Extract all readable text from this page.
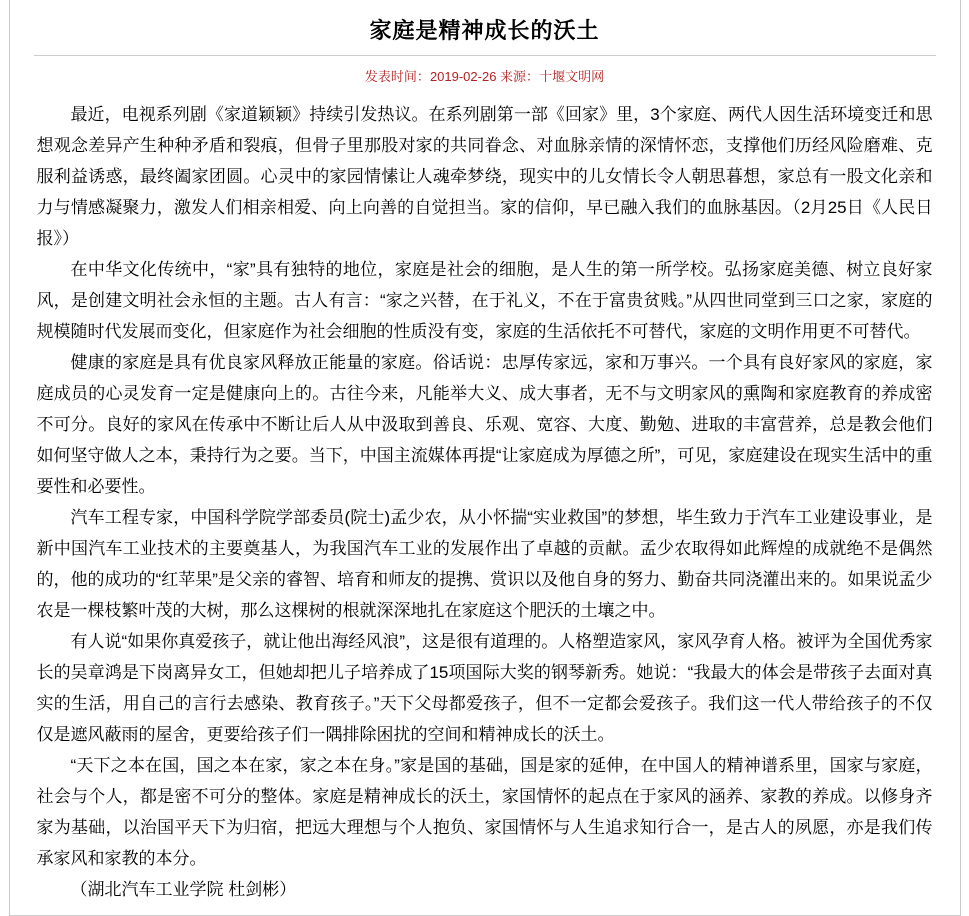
家庭是精神成长的沃土
发表时间：2019-02-26 来源：十堰文明网

最近，电视系列剧《家道颖颖》持续引发热议。在系列剧第一部《回家》里，3个家庭、两代人因生活环境变迁和思想观念差异产生种种矛盾和裂痕，但骨子里那股对家的共同眷念、对血脉亲情的深情怀恋，支撑他们历经风险磨难、克服利益诱惑，最终阖家团圆。心灵中的家园情愫让人魂牵梦绕，现实中的儿女情长令人朝思暮想，家总有一股文化亲和力与情感凝聚力，激发人们相亲相爱、向上向善的自觉担当。家的信仰，早已融入我们的血脉基因。（2月25日《人民日报》）

在中华文化传统中，“家”具有独特的地位，家庭是社会的细胞，是人生的第一所学校。弘扬家庭美德、树立良好家风，是创建文明社会永恒的主题。古人有言：“家之兴替，在于礼义，不在于富贵贫贱。”从四世同堂到三口之家，家庭的规模随时代发展而变化，但家庭作为社会细胞的性质没有变，家庭的生活依托不可替代，家庭的文明作用更不可替代。

健康的家庭是具有优良家风释放正能量的家庭。俗话说：忠厚传家远，家和万事兴。一个具有良好家风的家庭，家庭成员的心灵发育一定是健康向上的。古往今来，凡能举大义、成大事者，无不与文明家风的熏陶和家庭教育的养成密不可分。良好的家风在传承中不断让后人从中汲取到善良、乐观、宽容、大度、勤勉、进取的丰富营养，总是教会他们如何坚守做人之本，秉持行为之要。当下，中国主流媒体再提“让家庭成为厚德之所”，可见，家庭建设在现实生活中的重要性和必要性。

汽车工程专家，中国科学院学部委员(院士)孟少农，从小怀揣“实业救国”的梦想，毕生致力于汽车工业建设事业，是新中国汽车工业技术的主要奠基人，为我国汽车工业的发展作出了卓越的贡献。孟少农取得如此辉煌的成就绝不是偶然的，他的成功的“红苹果”是父亲的睿智、培育和师友的提携、赏识以及他自身的努力、勤奋共同浇灌出来的。如果说孟少农是一棵枝繁叶茂的大树，那么这棵树的根就深深地扎在家庭这个肥沃的土壤之中。

有人说“如果你真爱孩子，就让他出海经风浪”，这是很有道理的。人格塑造家风，家风孕育人格。被评为全国优秀家长的吴章鸿是下岗离异女工，但她却把儿子培养成了15项国际大奖的钢琴新秀。她说：“我最大的体会是带孩子去面对真实的生活，用自己的言行去感染、教育孩子。”天下父母都爱孩子，但不一定都会爱孩子。我们这一代人带给孩子的不仅仅是遮风蔽雨的屋舍，更要给孩子们一隅排除困扰的空间和精神成长的沃土。

“天下之本在国，国之本在家，家之本在身。”家是国的基础，国是家的延伸，在中国人的精神谱系里，国家与家庭，社会与个人，都是密不可分的整体。家庭是精神成长的沃土，家国情怀的起点在于家风的涵养、家教的养成。以修身齐家为基础，以治国平天下为归宿，把远大理想与个人抱负、家国情怀与人生追求知行合一，是古人的夙愿，亦是我们传承家风和家教的本分。

（湖北汽车工业学院 杜剑彬）
